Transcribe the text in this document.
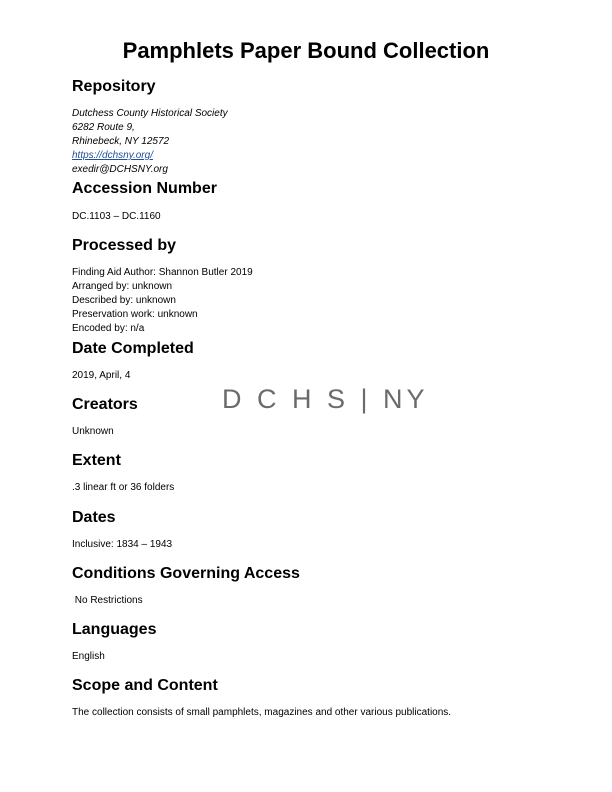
Pamphlets Paper Bound Collection
Repository
Dutchess County Historical Society
6282 Route 9,
Rhinebeck, NY 12572
https://dchsny.org/
exedir@DCHSNY.org
Accession Number
DC.1103 – DC.1160
Processed by
Finding Aid Author: Shannon Butler 2019
Arranged by: unknown
Described by: unknown
Preservation work: unknown
Encoded by: n/a
Date Completed
2019, April, 4
D C H S | NY
Creators
Unknown
Extent
.3 linear ft or 36 folders
Dates
Inclusive: 1834 – 1943
Conditions Governing Access
No Restrictions
Languages
English
Scope and Content
The collection consists of small pamphlets, magazines and other various publications.
